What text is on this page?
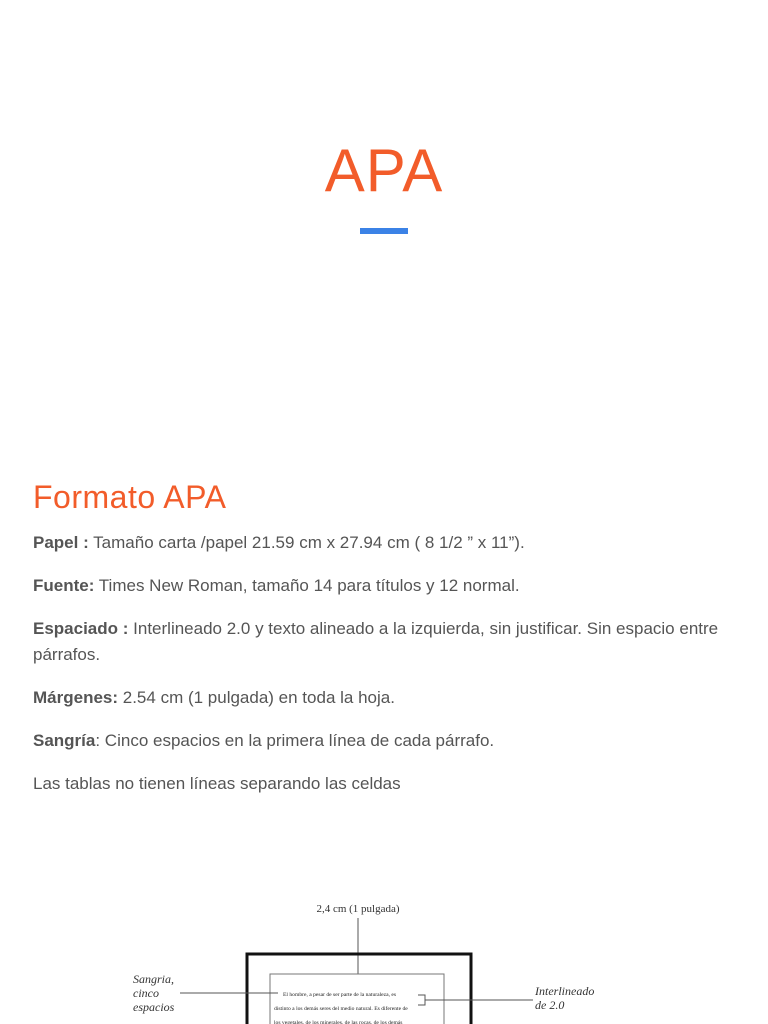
APA
Formato APA

Papel : Tamaño carta /papel 21.59 cm x 27.94 cm ( 8 1/2 ” x 11”).

Fuente: Times New Roman, tamaño 14 para títulos y 12 normal.

Espaciado : Interlineado 2.0 y texto alineado a la izquierda, sin justificar. Sin espacio entre párrafos.

Márgenes: 2.54 cm (1 pulgada) en toda la hoja.

Sangría: Cinco espacios en la primera línea de cada párrafo.

Las tablas no tienen líneas separando las celdas

2,4 cm (1 pulgada)
Sangria,
cinco
espacios
Interlineado
de 2.0
El hombre, a pesar de ser parte de la naturaleza, es
distinto a los demás seres del medio natural. Es diferente de
los vegetales, de los minerales, de las rocas, de los demás
